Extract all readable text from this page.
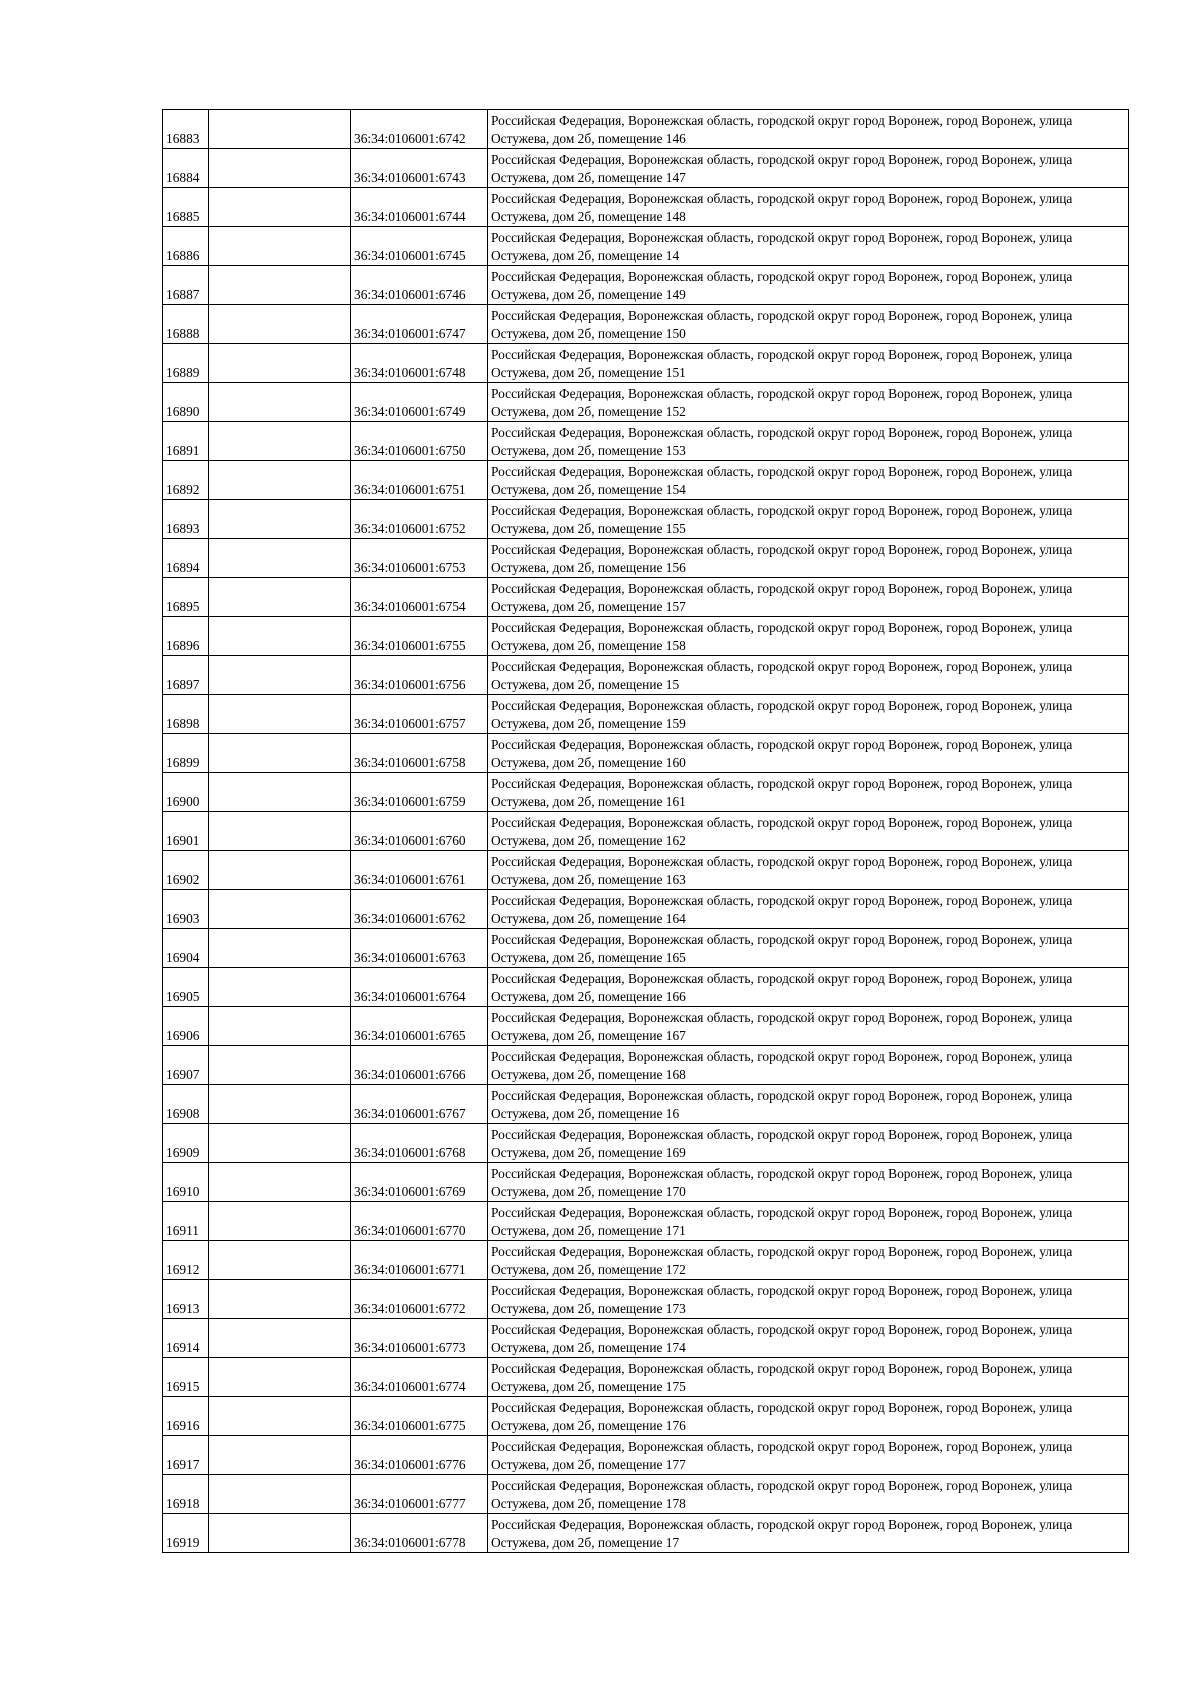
16883		36:34:0106001:6742	Российская Федерация, Воронежская область, городской округ город Воронеж, город Воронеж, улица Остужева, дом 2б, помещение 146
16884		36:34:0106001:6743	Российская Федерация, Воронежская область, городской округ город Воронеж, город Воронеж, улица Остужева, дом 2б, помещение 147
16885		36:34:0106001:6744	Российская Федерация, Воронежская область, городской округ город Воронеж, город Воронеж, улица Остужева, дом 2б, помещение 148
16886		36:34:0106001:6745	Российская Федерация, Воронежская область, городской округ город Воронеж, город Воронеж, улица Остужева, дом 2б, помещение 14
16887		36:34:0106001:6746	Российская Федерация, Воронежская область, городской округ город Воронеж, город Воронеж, улица Остужева, дом 2б, помещение 149
16888		36:34:0106001:6747	Российская Федерация, Воронежская область, городской округ город Воронеж, город Воронеж, улица Остужева, дом 2б, помещение 150
16889		36:34:0106001:6748	Российская Федерация, Воронежская область, городской округ город Воронеж, город Воронеж, улица Остужева, дом 2б, помещение 151
16890		36:34:0106001:6749	Российская Федерация, Воронежская область, городской округ город Воронеж, город Воронеж, улица Остужева, дом 2б, помещение 152
16891		36:34:0106001:6750	Российская Федерация, Воронежская область, городской округ город Воронеж, город Воронеж, улица Остужева, дом 2б, помещение 153
16892		36:34:0106001:6751	Российская Федерация, Воронежская область, городской округ город Воронеж, город Воронеж, улица Остужева, дом 2б, помещение 154
16893		36:34:0106001:6752	Российская Федерация, Воронежская область, городской округ город Воронеж, город Воронеж, улица Остужева, дом 2б, помещение 155
16894		36:34:0106001:6753	Российская Федерация, Воронежская область, городской округ город Воронеж, город Воронеж, улица Остужева, дом 2б, помещение 156
16895		36:34:0106001:6754	Российская Федерация, Воронежская область, городской округ город Воронеж, город Воронеж, улица Остужева, дом 2б, помещение 157
16896		36:34:0106001:6755	Российская Федерация, Воронежская область, городской округ город Воронеж, город Воронеж, улица Остужева, дом 2б, помещение 158
16897		36:34:0106001:6756	Российская Федерация, Воронежская область, городской округ город Воронеж, город Воронеж, улица Остужева, дом 2б, помещение 15
16898		36:34:0106001:6757	Российская Федерация, Воронежская область, городской округ город Воронеж, город Воронеж, улица Остужева, дом 2б, помещение 159
16899		36:34:0106001:6758	Российская Федерация, Воронежская область, городской округ город Воронеж, город Воронеж, улица Остужева, дом 2б, помещение 160
16900		36:34:0106001:6759	Российская Федерация, Воронежская область, городской округ город Воронеж, город Воронеж, улица Остужева, дом 2б, помещение 161
16901		36:34:0106001:6760	Российская Федерация, Воронежская область, городской округ город Воронеж, город Воронеж, улица Остужева, дом 2б, помещение 162
16902		36:34:0106001:6761	Российская Федерация, Воронежская область, городской округ город Воронеж, город Воронеж, улица Остужева, дом 2б, помещение 163
16903		36:34:0106001:6762	Российская Федерация, Воронежская область, городской округ город Воронеж, город Воронеж, улица Остужева, дом 2б, помещение 164
16904		36:34:0106001:6763	Российская Федерация, Воронежская область, городской округ город Воронеж, город Воронеж, улица Остужева, дом 2б, помещение 165
16905		36:34:0106001:6764	Российская Федерация, Воронежская область, городской округ город Воронеж, город Воронеж, улица Остужева, дом 2б, помещение 166
16906		36:34:0106001:6765	Российская Федерация, Воронежская область, городской округ город Воронеж, город Воронеж, улица Остужева, дом 2б, помещение 167
16907		36:34:0106001:6766	Российская Федерация, Воронежская область, городской округ город Воронеж, город Воронеж, улица Остужева, дом 2б, помещение 168
16908		36:34:0106001:6767	Российская Федерация, Воронежская область, городской округ город Воронеж, город Воронеж, улица Остужева, дом 2б, помещение 16
16909		36:34:0106001:6768	Российская Федерация, Воронежская область, городской округ город Воронеж, город Воронеж, улица Остужева, дом 2б, помещение 169
16910		36:34:0106001:6769	Российская Федерация, Воронежская область, городской округ город Воронеж, город Воронеж, улица Остужева, дом 2б, помещение 170
16911		36:34:0106001:6770	Российская Федерация, Воронежская область, городской округ город Воронеж, город Воронеж, улица Остужева, дом 2б, помещение 171
16912		36:34:0106001:6771	Российская Федерация, Воронежская область, городской округ город Воронеж, город Воронеж, улица Остужева, дом 2б, помещение 172
16913		36:34:0106001:6772	Российская Федерация, Воронежская область, городской округ город Воронеж, город Воронеж, улица Остужева, дом 2б, помещение 173
16914		36:34:0106001:6773	Российская Федерация, Воронежская область, городской округ город Воронеж, город Воронеж, улица Остужева, дом 2б, помещение 174
16915		36:34:0106001:6774	Российская Федерация, Воронежская область, городской округ город Воронеж, город Воронеж, улица Остужева, дом 2б, помещение 175
16916		36:34:0106001:6775	Российская Федерация, Воронежская область, городской округ город Воронеж, город Воронеж, улица Остужева, дом 2б, помещение 176
16917		36:34:0106001:6776	Российская Федерация, Воронежская область, городской округ город Воронеж, город Воронеж, улица Остужева, дом 2б, помещение 177
16918		36:34:0106001:6777	Российская Федерация, Воронежская область, городской округ город Воронеж, город Воронеж, улица Остужева, дом 2б, помещение 178
16919		36:34:0106001:6778	Российская Федерация, Воронежская область, городской округ город Воронеж, город Воронеж, улица Остужева, дом 2б, помещение 17
